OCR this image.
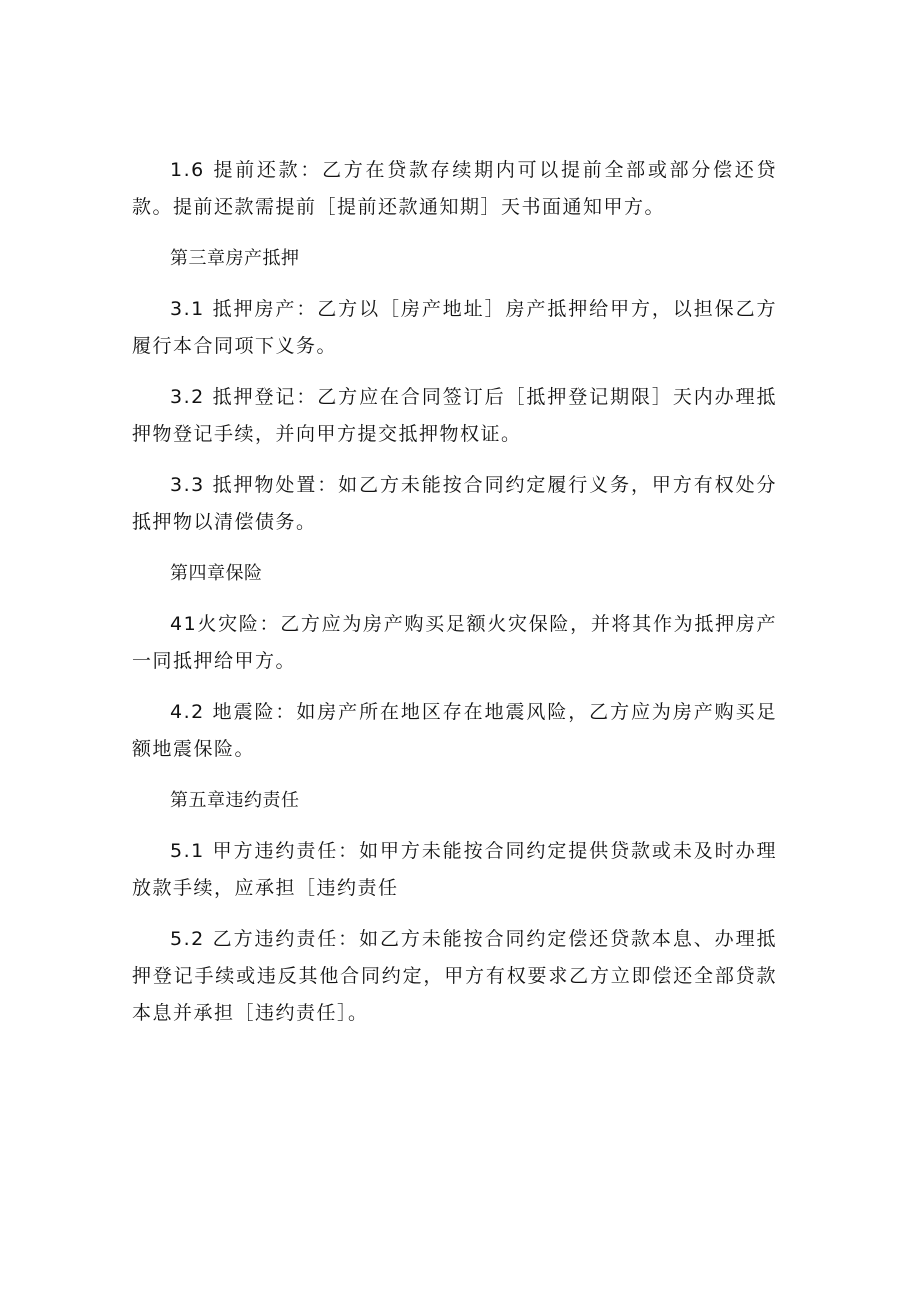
1.6 提前还款：乙方在贷款存续期内可以提前全部或部分偿还贷款。提前还款需提前［提前还款通知期］天书面通知甲方。

第三章房产抵押

3.1 抵押房产：乙方以［房产地址］房产抵押给甲方，以担保乙方履行本合同项下义务。

3.2 抵押登记：乙方应在合同签订后［抵押登记期限］天内办理抵押物登记手续，并向甲方提交抵押物权证。

3.3 抵押物处置：如乙方未能按合同约定履行义务，甲方有权处分抵押物以清偿债务。

第四章保险

41火灾险：乙方应为房产购买足额火灾保险，并将其作为抵押房产一同抵押给甲方。

4.2 地震险：如房产所在地区存在地震风险，乙方应为房产购买足额地震保险。

第五章违约责任

5.1 甲方违约责任：如甲方未能按合同约定提供贷款或未及时办理放款手续，应承担［违约责任

5.2 乙方违约责任：如乙方未能按合同约定偿还贷款本息、办理抵押登记手续或违反其他合同约定，甲方有权要求乙方立即偿还全部贷款本息并承担［违约责任］。
